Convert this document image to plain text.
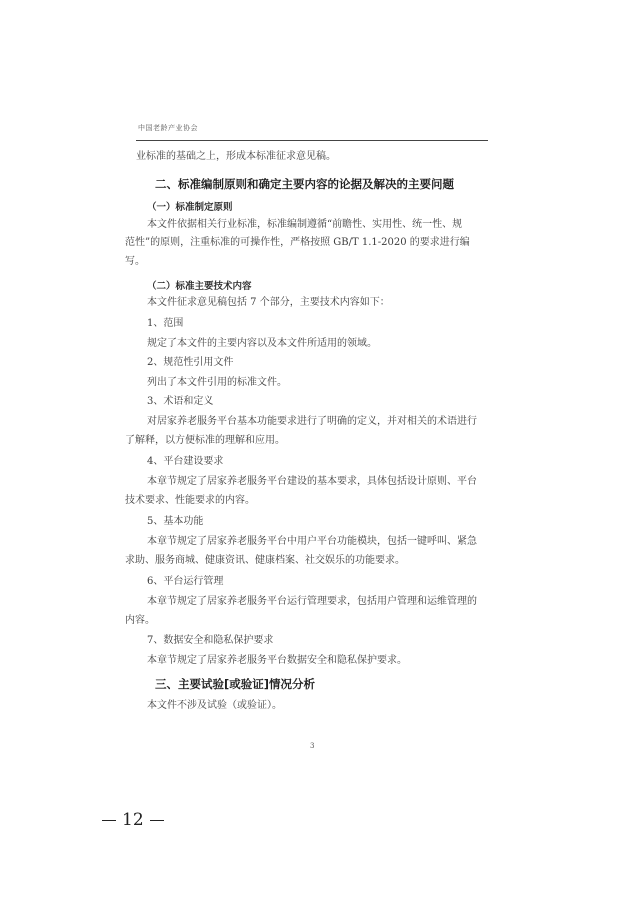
中国老龄产业协会
业标准的基础之上，形成本标准征求意见稿。
二、标准编制原则和确定主要内容的论据及解决的主要问题
（一）标准制定原则
本文件依据相关行业标准，标准编制遵循“前瞻性、实用性、统一性、规
范性”的原则，注重标准的可操作性，严格按照 GB/T 1.1-2020 的要求进行编
写。
（二）标准主要技术内容
本文件征求意见稿包括 7 个部分，主要技术内容如下：
1、范围
规定了本文件的主要内容以及本文件所适用的领域。
2、规范性引用文件
列出了本文件引用的标准文件。
3、术语和定义
对居家养老服务平台基本功能要求进行了明确的定义，并对相关的术语进行
了解释，以方便标准的理解和应用。
4、平台建设要求
本章节规定了居家养老服务平台建设的基本要求，具体包括设计原则、平台
技术要求、性能要求的内容。
5、基本功能
本章节规定了居家养老服务平台中用户平台功能模块，包括一键呼叫、紧急
求助、服务商城、健康资讯、健康档案、社交娱乐的功能要求。
6、平台运行管理
本章节规定了居家养老服务平台运行管理要求，包括用户管理和运维管理的
内容。
7、数据安全和隐私保护要求
本章节规定了居家养老服务平台数据安全和隐私保护要求。
三、主要试验[或验证]情况分析
本文件不涉及试验（或验证）。
3
12
